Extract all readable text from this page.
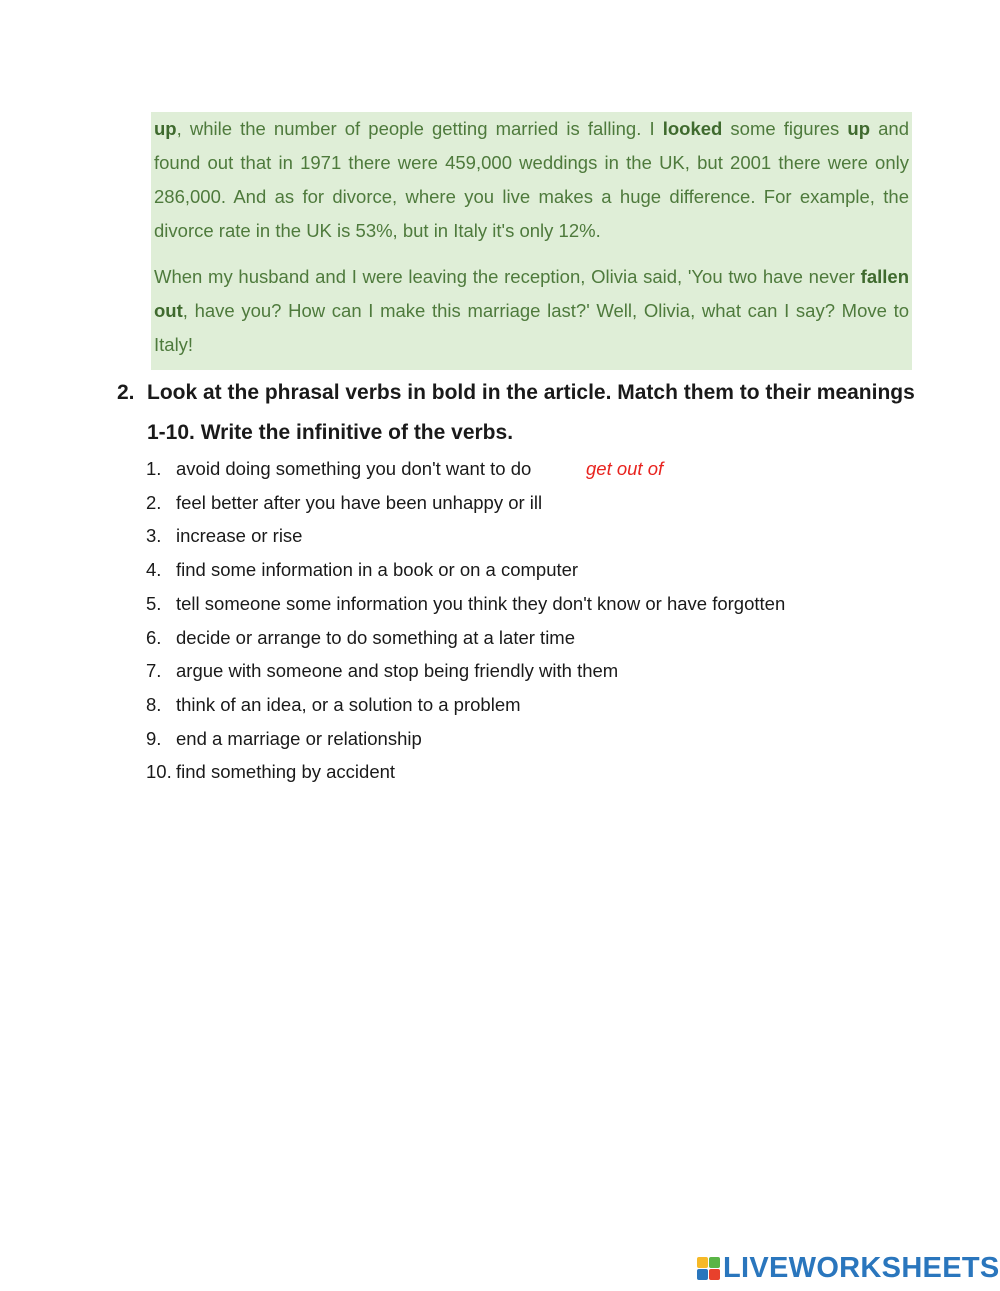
up, while the number of people getting married is falling. I looked some figures up and found out that in 1971 there were 459,000 weddings in the UK, but 2001 there were only 286,000. And as for divorce, where you live makes a huge difference. For example, the divorce rate in the UK is 53%, but in Italy it's only 12%.

When my husband and I were leaving the reception, Olivia said, 'You two have never fallen out, have you? How can I make this marriage last?' Well, Olivia, what can I say? Move to Italy!

2. Look at the phrasal verbs in bold in the article. Match them to their meanings 1-10. Write the infinitive of the verbs.
1. avoid doing something you don't want to do	get out of
2. feel better after you have been unhappy or ill
3. increase or rise
4. find some information in a book or on a computer
5. tell someone some information you think they don't know or have forgotten
6. decide or arrange to do something at a later time
7. argue with someone and stop being friendly with them
8. think of an idea, or a solution to a problem
9. end a marriage or relationship
10. find something by accident
LIVEWORKSHEETS
